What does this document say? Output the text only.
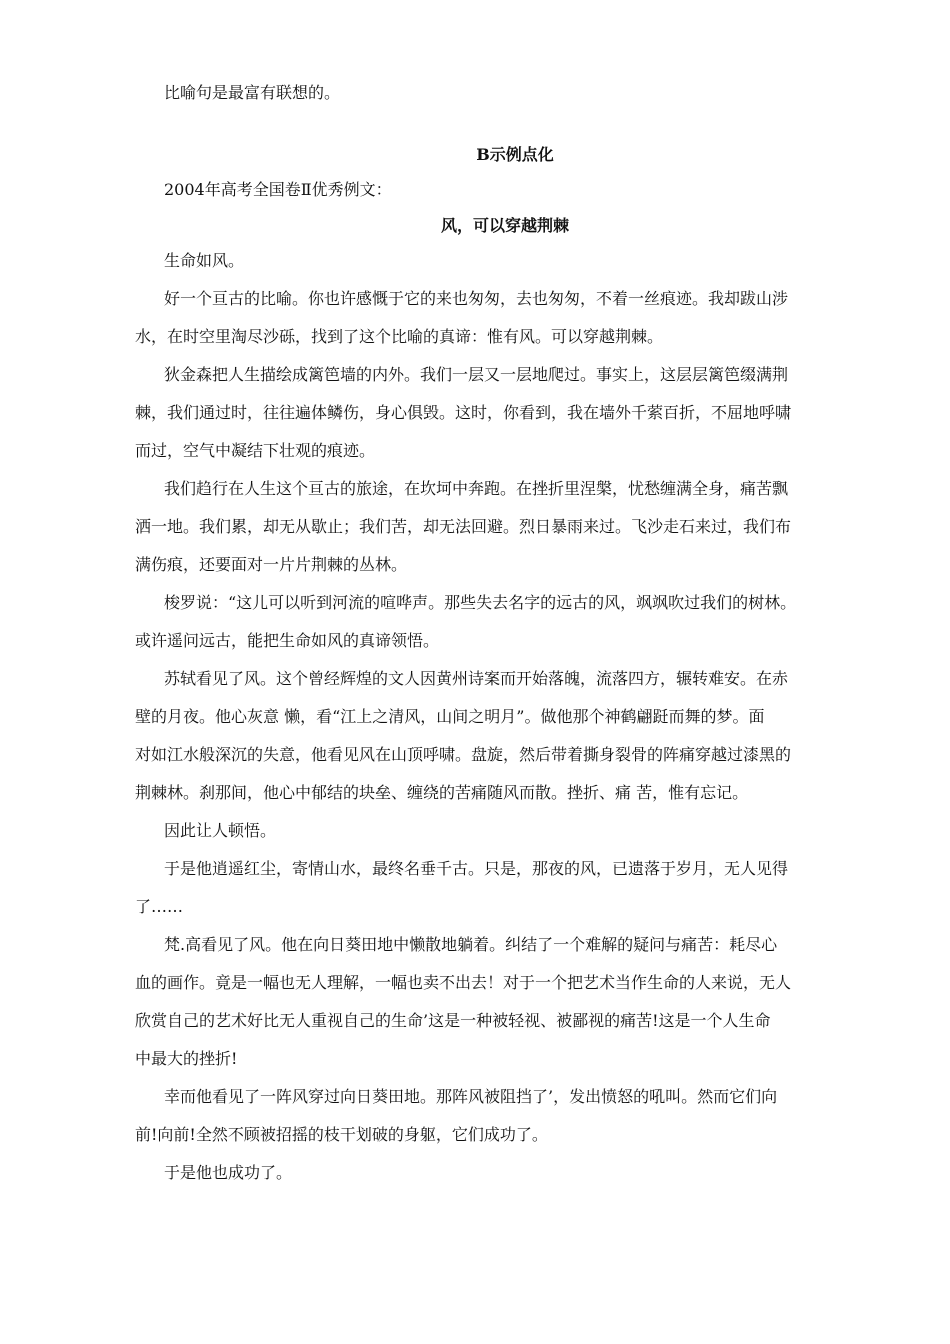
比喻句是最富有联想的。
B示例点化
2004年高考全国卷Ⅱ优秀例文：
风，可以穿越荆棘
生命如风。
好一个亘古的比喻。你也许感慨于它的来也匆匆，去也匆匆，不着一丝痕迹。我却跋山涉
水，在时空里淘尽沙砾，找到了这个比喻的真谛：惟有风。可以穿越荆棘。
狄金森把人生描绘成篱笆墙的内外。我们一层又一层地爬过。事实上，这层层篱笆缀满荆
棘，我们通过时，往往遍体鳞伤，身心俱毁。这时，你看到，我在墙外千萦百折，不屈地呼啸
而过，空气中凝结下壮观的痕迹。
我们趋行在人生这个亘古的旅途，在坎坷中奔跑。在挫折里涅槃，忧愁缠满全身，痛苦飘
洒一地。我们累，却无从歇止；我们苦，却无法回避。烈日暴雨来过。飞沙走石来过，我们布
满伤痕，还要面对一片片荆棘的丛林。
梭罗说：“这儿可以听到河流的喧哗声。那些失去名字的远古的风，飒飒吹过我们的树林。
或许遥问远古，能把生命如风的真谛领悟。
苏轼看见了风。这个曾经辉煌的文人因黄州诗案而开始落魄，流落四方，辗转难安。在赤
壁的月夜。他心灰意 懒，看“江上之清风，山间之明月”。做他那个神鹤翩跹而舞的梦。面
对如江水般深沉的失意，他看见风在山顶呼啸。盘旋，然后带着撕身裂骨的阵痛穿越过漆黑的
荆棘林。刹那间，他心中郁结的块垒、缠绕的苦痛随风而散。挫折、痛 苦，惟有忘记。
因此让人顿悟。
于是他逍遥红尘，寄情山水，最终名垂千古。只是，那夜的风，已遗落于岁月，无人见得
了……
梵.高看见了风。他在向日葵田地中懒散地躺着。纠结了一个难解的疑问与痛苦：耗尽心
血的画作。竟是一幅也无人理解，一幅也卖不出去！对于一个把艺术当作生命的人来说，无人
欣赏自己的艺术好比无人重视自己的生命’这是一种被轻视、被鄙视的痛苦!这是一个人生命
中最大的挫折!
幸而他看见了一阵风穿过向日葵田地。那阵风被阻挡了’，发出愤怒的吼叫。然而它们向
前!向前!全然不顾被招摇的枝干划破的身躯，它们成功了。
于是他也成功了。
